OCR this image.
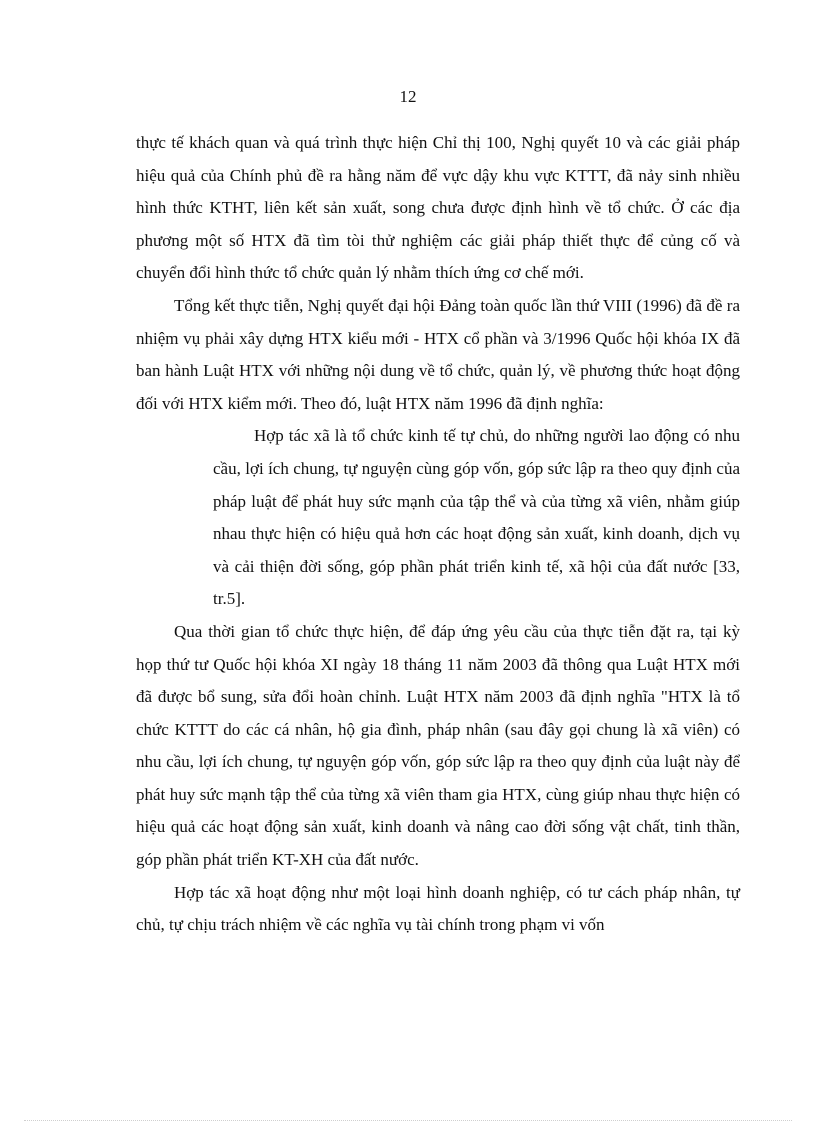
12

thực tế khách quan và quá trình thực hiện Chỉ thị 100, Nghị quyết 10 và các giải pháp hiệu quả của Chính phủ đề ra hằng năm để vực dậy khu vực KTTT, đã nảy sinh nhiều hình thức KTHT, liên kết sản xuất, song chưa được định hình về tổ chức. Ở các địa phương một số HTX đã tìm tòi thử nghiệm các giải pháp thiết thực để củng cố và chuyển đổi hình thức tổ chức quản lý nhằm thích ứng cơ chế mới.

Tổng kết thực tiễn, Nghị quyết đại hội Đảng toàn quốc lần thứ VIII (1996) đã đề ra nhiệm vụ phải xây dựng HTX kiểu mới - HTX cổ phần và 3/1996 Quốc hội khóa IX đã ban hành Luật HTX với những nội dung về tổ chức, quản lý, về phương thức hoạt động đối với HTX kiểm mới. Theo đó, luật HTX năm 1996 đã định nghĩa:

Hợp tác xã là tổ chức kinh tế tự chủ, do những người lao động có nhu cầu, lợi ích chung, tự nguyện cùng góp vốn, góp sức lập ra theo quy định của pháp luật để phát huy sức mạnh của tập thể và của từng xã viên, nhằm giúp nhau thực hiện có hiệu quả hơn các hoạt động sản xuất, kinh doanh, dịch vụ và cải thiện đời sống, góp phần phát triển kinh tế, xã hội của đất nước [33, tr.5].

Qua thời gian tổ chức thực hiện, để đáp ứng yêu cầu của thực tiễn đặt ra, tại kỳ họp thứ tư Quốc hội khóa XI ngày 18 tháng 11 năm 2003 đã thông qua Luật HTX mới đã được bổ sung, sửa đổi hoàn chỉnh. Luật HTX năm 2003 đã định nghĩa "HTX là tổ chức KTTT do các cá nhân, hộ gia đình, pháp nhân (sau đây gọi chung là xã viên) có nhu cầu, lợi ích chung, tự nguyện góp vốn, góp sức lập ra theo quy định của luật này để phát huy sức mạnh tập thể của từng xã viên tham gia HTX, cùng giúp nhau thực hiện có hiệu quả các hoạt động sản xuất, kinh doanh và nâng cao đời sống vật chất, tinh thần, góp phần phát triển KT-XH của đất nước.

Hợp tác xã hoạt động như một loại hình doanh nghiệp, có tư cách pháp nhân, tự chủ, tự chịu trách nhiệm về các nghĩa vụ tài chính trong phạm vi vốn
